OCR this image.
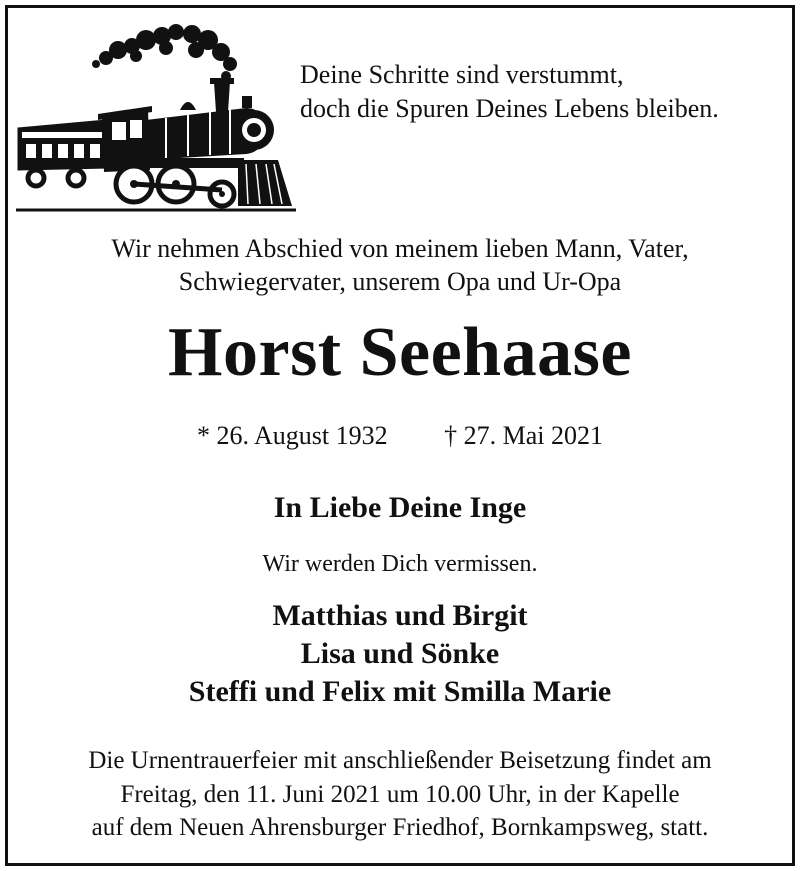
Deine Schritte sind verstummt,
doch die Spuren Deines Lebens bleiben.
Wir nehmen Abschied von meinem lieben Mann, Vater,
Schwiegervater, unserem Opa und Ur-Opa
Horst Seehaase
* 26. August 1932 † 27. Mai 2021
In Liebe Deine Inge
Wir werden Dich vermissen.
Matthias und Birgit
Lisa und Sönke
Steffi und Felix mit Smilla Marie
Die Urnentrauerfeier mit anschließender Beisetzung findet am
Freitag, den 11. Juni 2021 um 10.00 Uhr, in der Kapelle
auf dem Neuen Ahrensburger Friedhof, Bornkampsweg, statt.
